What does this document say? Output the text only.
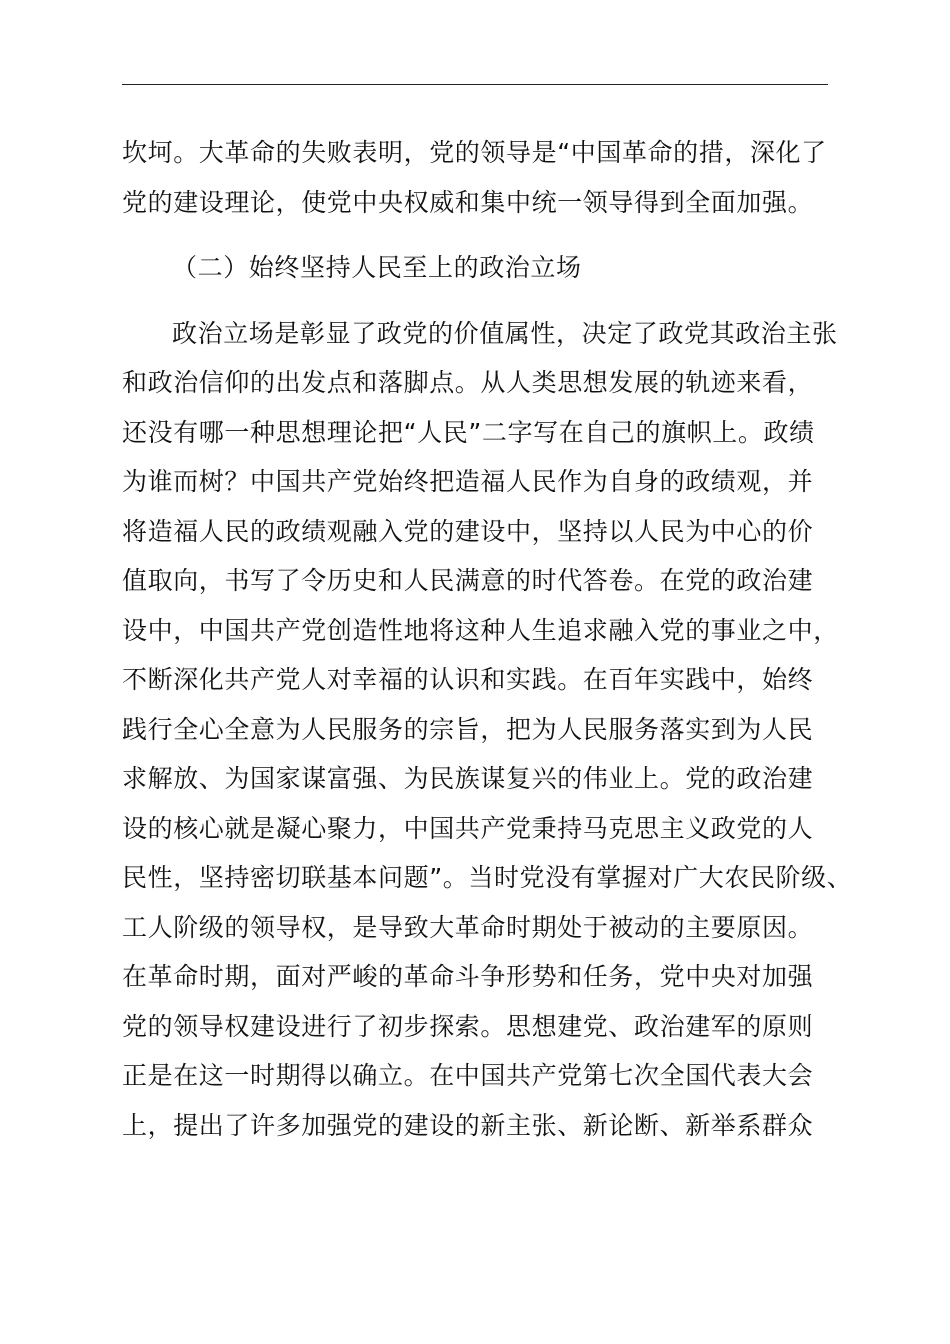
坎坷。大革命的失败表明，党的领导是“中国革命的措，深化了
党的建设理论，使党中央权威和集中统一领导得到全面加强。
（二）始终坚持人民至上的政治立场
政治立场是彰显了政党的价值属性，决定了政党其政治主张
和政治信仰的出发点和落脚点。从人类思想发展的轨迹来看，
还没有哪一种思想理论把“人民”二字写在自己的旗帜上。政绩
为谁而树？中国共产党始终把造福人民作为自身的政绩观，并
将造福人民的政绩观融入党的建设中，坚持以人民为中心的价
值取向，书写了令历史和人民满意的时代答卷。在党的政治建
设中，中国共产党创造性地将这种人生追求融入党的事业之中，
不断深化共产党人对幸福的认识和实践。在百年实践中，始终
践行全心全意为人民服务的宗旨，把为人民服务落实到为人民
求解放、为国家谋富强、为民族谋复兴的伟业上。党的政治建
设的核心就是凝心聚力，中国共产党秉持马克思主义政党的人
民性，坚持密切联基本问题”。当时党没有掌握对广大农民阶级、
工人阶级的领导权，是导致大革命时期处于被动的主要原因。
在革命时期，面对严峻的革命斗争形势和任务，党中央对加强
党的领导权建设进行了初步探索。思想建党、政治建军的原则
正是在这一时期得以确立。在中国共产党第七次全国代表大会
上，提出了许多加强党的建设的新主张、新论断、新举系群众
